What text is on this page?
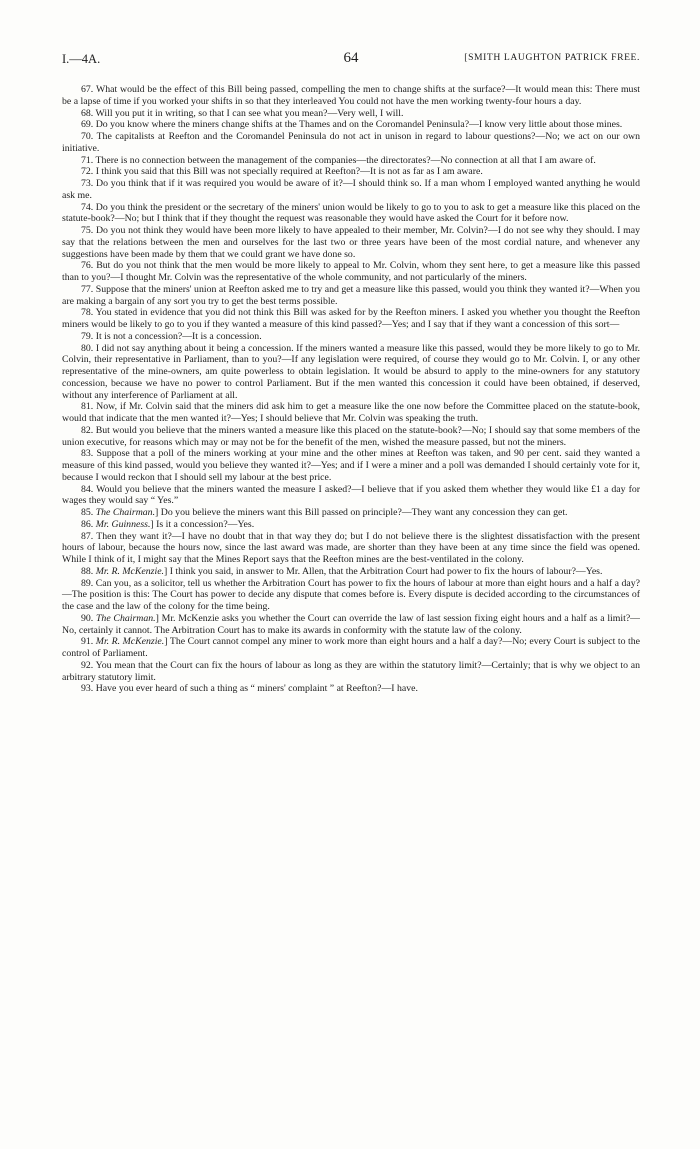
I.—4A.	64	[SMITH LAUGHTON PATRICK FREE.

67. What would be the effect of this Bill being passed, compelling the men to change shifts at the surface?—It would mean this: There must be a lapse of time if you worked your shifts in so that they interleaved You could not have the men working twenty-four hours a day.

68. Will you put it in writing, so that I can see what you mean?—Very well, I will.

69. Do you know where the miners change shifts at the Thames and on the Coromandel Peninsula?—I know very little about those mines.

70. The capitalists at Reefton and the Coromandel Peninsula do not act in unison in regard to labour questions?—No; we act on our own initiative.

71. There is no connection between the management of the companies—the directorates?—No connection at all that I am aware of.

72. I think you said that this Bill was not specially required at Reefton?—It is not as far as I am aware.

73. Do you think that if it was required you would be aware of it?—I should think so. If a man whom I employed wanted anything he would ask me.

74. Do you think the president or the secretary of the miners' union would be likely to go to you to ask to get a measure like this placed on the statute-book?—No; but I think that if they thought the request was reasonable they would have asked the Court for it before now.

75. Do you not think they would have been more likely to have appealed to their member, Mr. Colvin?—I do not see why they should. I may say that the relations between the men and ourselves for the last two or three years have been of the most cordial nature, and whenever any suggestions have been made by them that we could grant we have done so.

76. But do you not think that the men would be more likely to appeal to Mr. Colvin, whom they sent here, to get a measure like this passed than to you?—I thought Mr. Colvin was the representative of the whole community, and not particularly of the miners.

77. Suppose that the miners' union at Reefton asked me to try and get a measure like this passed, would you think they wanted it?—When you are making a bargain of any sort you try to get the best terms possible.

78. You stated in evidence that you did not think this Bill was asked for by the Reefton miners. I asked you whether you thought the Reefton miners would be likely to go to you if they wanted a measure of this kind passed?—Yes; and I say that if they want a concession of this sort—

79. It is not a concession?—It is a concession.

80. I did not say anything about it being a concession. If the miners wanted a measure like this passed, would they be more likely to go to Mr. Colvin, their representative in Parliament, than to you?—If any legislation were required, of course they would go to Mr. Colvin. I, or any other representative of the mine-owners, am quite powerless to obtain legislation. It would be absurd to apply to the mine-owners for any statutory concession, because we have no power to control Parliament. But if the men wanted this concession it could have been obtained, if deserved, without any interference of Parliament at all.

81. Now, if Mr. Colvin said that the miners did ask him to get a measure like the one now before the Committee placed on the statute-book, would that indicate that the men wanted it?—Yes; I should believe that Mr. Colvin was speaking the truth.

82. But would you believe that the miners wanted a measure like this placed on the statute-book?—No; I should say that some members of the union executive, for reasons which may or may not be for the benefit of the men, wished the measure passed, but not the miners.

83. Suppose that a poll of the miners working at your mine and the other mines at Reefton was taken, and 90 per cent. said they wanted a measure of this kind passed, would you believe they wanted it?—Yes; and if I were a miner and a poll was demanded I should certainly vote for it, because I would reckon that I should sell my labour at the best price.

84. Would you believe that the miners wanted the measure I asked?—I believe that if you asked them whether they would like £1 a day for wages they would say “ Yes.”

85. The Chairman.] Do you believe the miners want this Bill passed on principle?—They want any concession they can get.

86. Mr. Guinness.] Is it a concession?—Yes.

87. Then they want it?—I have no doubt that in that way they do; but I do not believe there is the slightest dissatisfaction with the present hours of labour, because the hours now, since the last award was made, are shorter than they have been at any time since the field was opened. While I think of it, I might say that the Mines Report says that the Reefton mines are the best-ventilated in the colony.

88. Mr. R. McKenzie.] I think you said, in answer to Mr. Allen, that the Arbitration Court had power to fix the hours of labour?—Yes.

89. Can you, as a solicitor, tell us whether the Arbitration Court has power to fix the hours of labour at more than eight hours and a half a day?—The position is this: The Court has power to decide any dispute that comes before is. Every dispute is decided according to the circumstances of the case and the law of the colony for the time being.

90. The Chairman.] Mr. McKenzie asks you whether the Court can override the law of last session fixing eight hours and a half as a limit?—No, certainly it cannot. The Arbitration Court has to make its awards in conformity with the statute law of the colony.

91. Mr. R. McKenzie.] The Court cannot compel any miner to work more than eight hours and a half a day?—No; every Court is subject to the control of Parliament.

92. You mean that the Court can fix the hours of labour as long as they are within the statutory limit?—Certainly; that is why we object to an arbitrary statutory limit.

93. Have you ever heard of such a thing as “ miners' complaint ” at Reefton?—I have.
